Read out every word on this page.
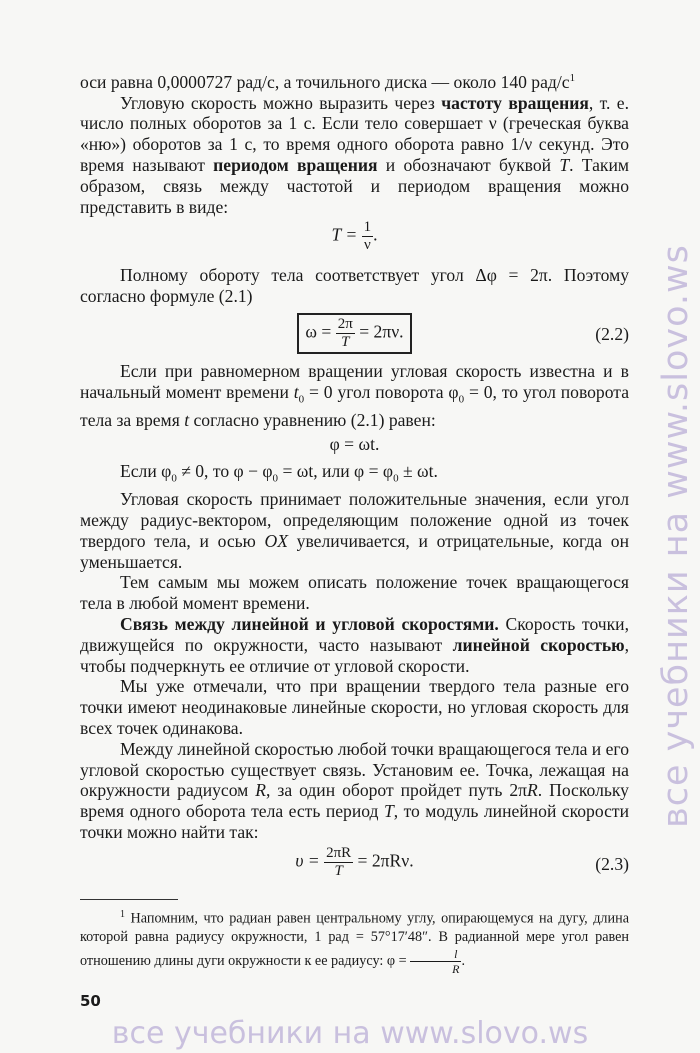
все учебники на www.slovo.ws

оси равна 0,0000727 рад/с, а точильного диска — около 140 рад/$с^1$

Угловую скорость можно выразить через частоту вращения, т. е. число полных оборотов за 1 с. Если тело совершает ν (греческая буква «ню») оборотов за 1 с, то время одного оборота равно 1/ν секунд. Это время называют периодом вращения и обозначают буквой T. Таким образом, связь между частотой и периодом вращения можно представить в виде:

$T = \frac{1}{\nu}$ .

Полному обороту тела соответствует угол Δφ = 2π. Поэтому согласно формуле (2.1)

$\omega = \frac{2\pi}{T} = 2\pi\nu$.	(2.2)

Если при равномерном вращении угловая скорость известна и в начальный момент времени $t_0 = 0$ угол поворота $\varphi_0 = 0$, то угол поворота тела за время t согласно уравнению (2.1) равен:

φ = ωt.

Если $\varphi_0 \ne 0$, то $\varphi - \varphi_0 = \omega t$, или $\varphi = \varphi_0 \pm \omega t$.

Угловая скорость принимает положительные значения, если угол между радиус-вектором, определяющим положение одной из точек твердого тела, и осью OX увеличивается, и отрицательные, когда он уменьшается.

Тем самым мы можем описать положение точек вращающегося тела в любой момент времени.

Связь между линейной и угловой скоростями. Скорость точки, движущейся по окружности, часто называют линейной скоростью, чтобы подчеркнуть ее отличие от угловой скорости.

Мы уже отмечали, что при вращении твердого тела разные его точки имеют неодинаковые линейные скорости, но угловая скорость для всех точек одинакова.

Между линейной скоростью любой точки вращающегося тела и его угловой скоростью существует связь. Установим ее. Точка, лежащая на окружности радиусом R, за один оборот пройдет путь 2πR. Поскольку время одного оборота тела есть период T, то модуль линейной скорости точки можно найти так:

$\upsilon = \frac{2\pi R}{T} = 2\pi R\nu$.	(2.3)

$^1$ Напомним, что радиан равен центральному углу, опирающемуся на дугу, длина которой равна радиусу окружности, 1 рад = 57°17′48″. В радианной мере угол равен отношению длины дуги окружности к ее радиусу: $\varphi = \frac{l}{R}$ .

50
все учебники на www.slovo.ws
